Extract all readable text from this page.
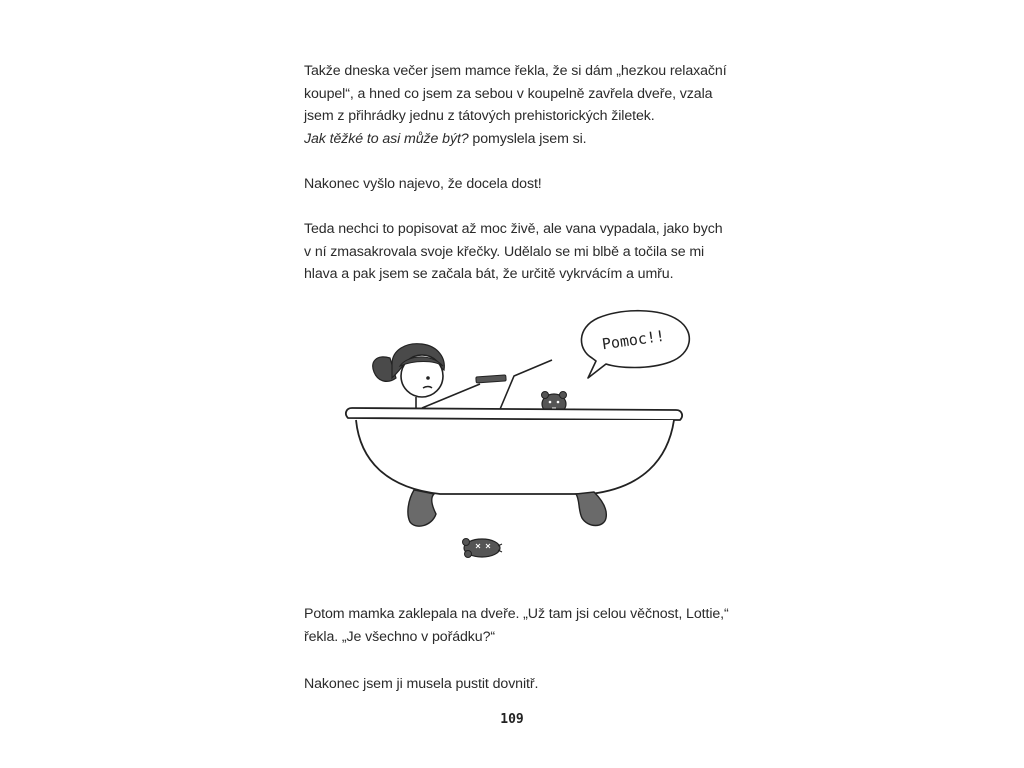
Takže dneska večer jsem mamce řekla, že si dám „hezkou relaxační

koupel“, a hned co jsem za sebou v koupelně zavřela dveře, vzala

jsem z přihrádky jednu z tátových prehistorických žiletek.

Jak těžké to asi může být? pomyslela jsem si.

Nakonec vyšlo najevo, že docela dost!

Teda nechci to popisovat až moc živě, ale vana vypadala, jako bych

v ní zmasakrovala svoje křečky. Udělalo se mi blbě a točila se mi

hlava a pak jsem se začala bát, že určitě vykrvácím a umřu.

Pomoc!!

Potom mamka zaklepala na dveře. „Už tam jsi celou věčnost, Lottie,“

řekla. „Je všechno v pořádku?“

Nakonec jsem ji musela pustit dovnitř.

109
